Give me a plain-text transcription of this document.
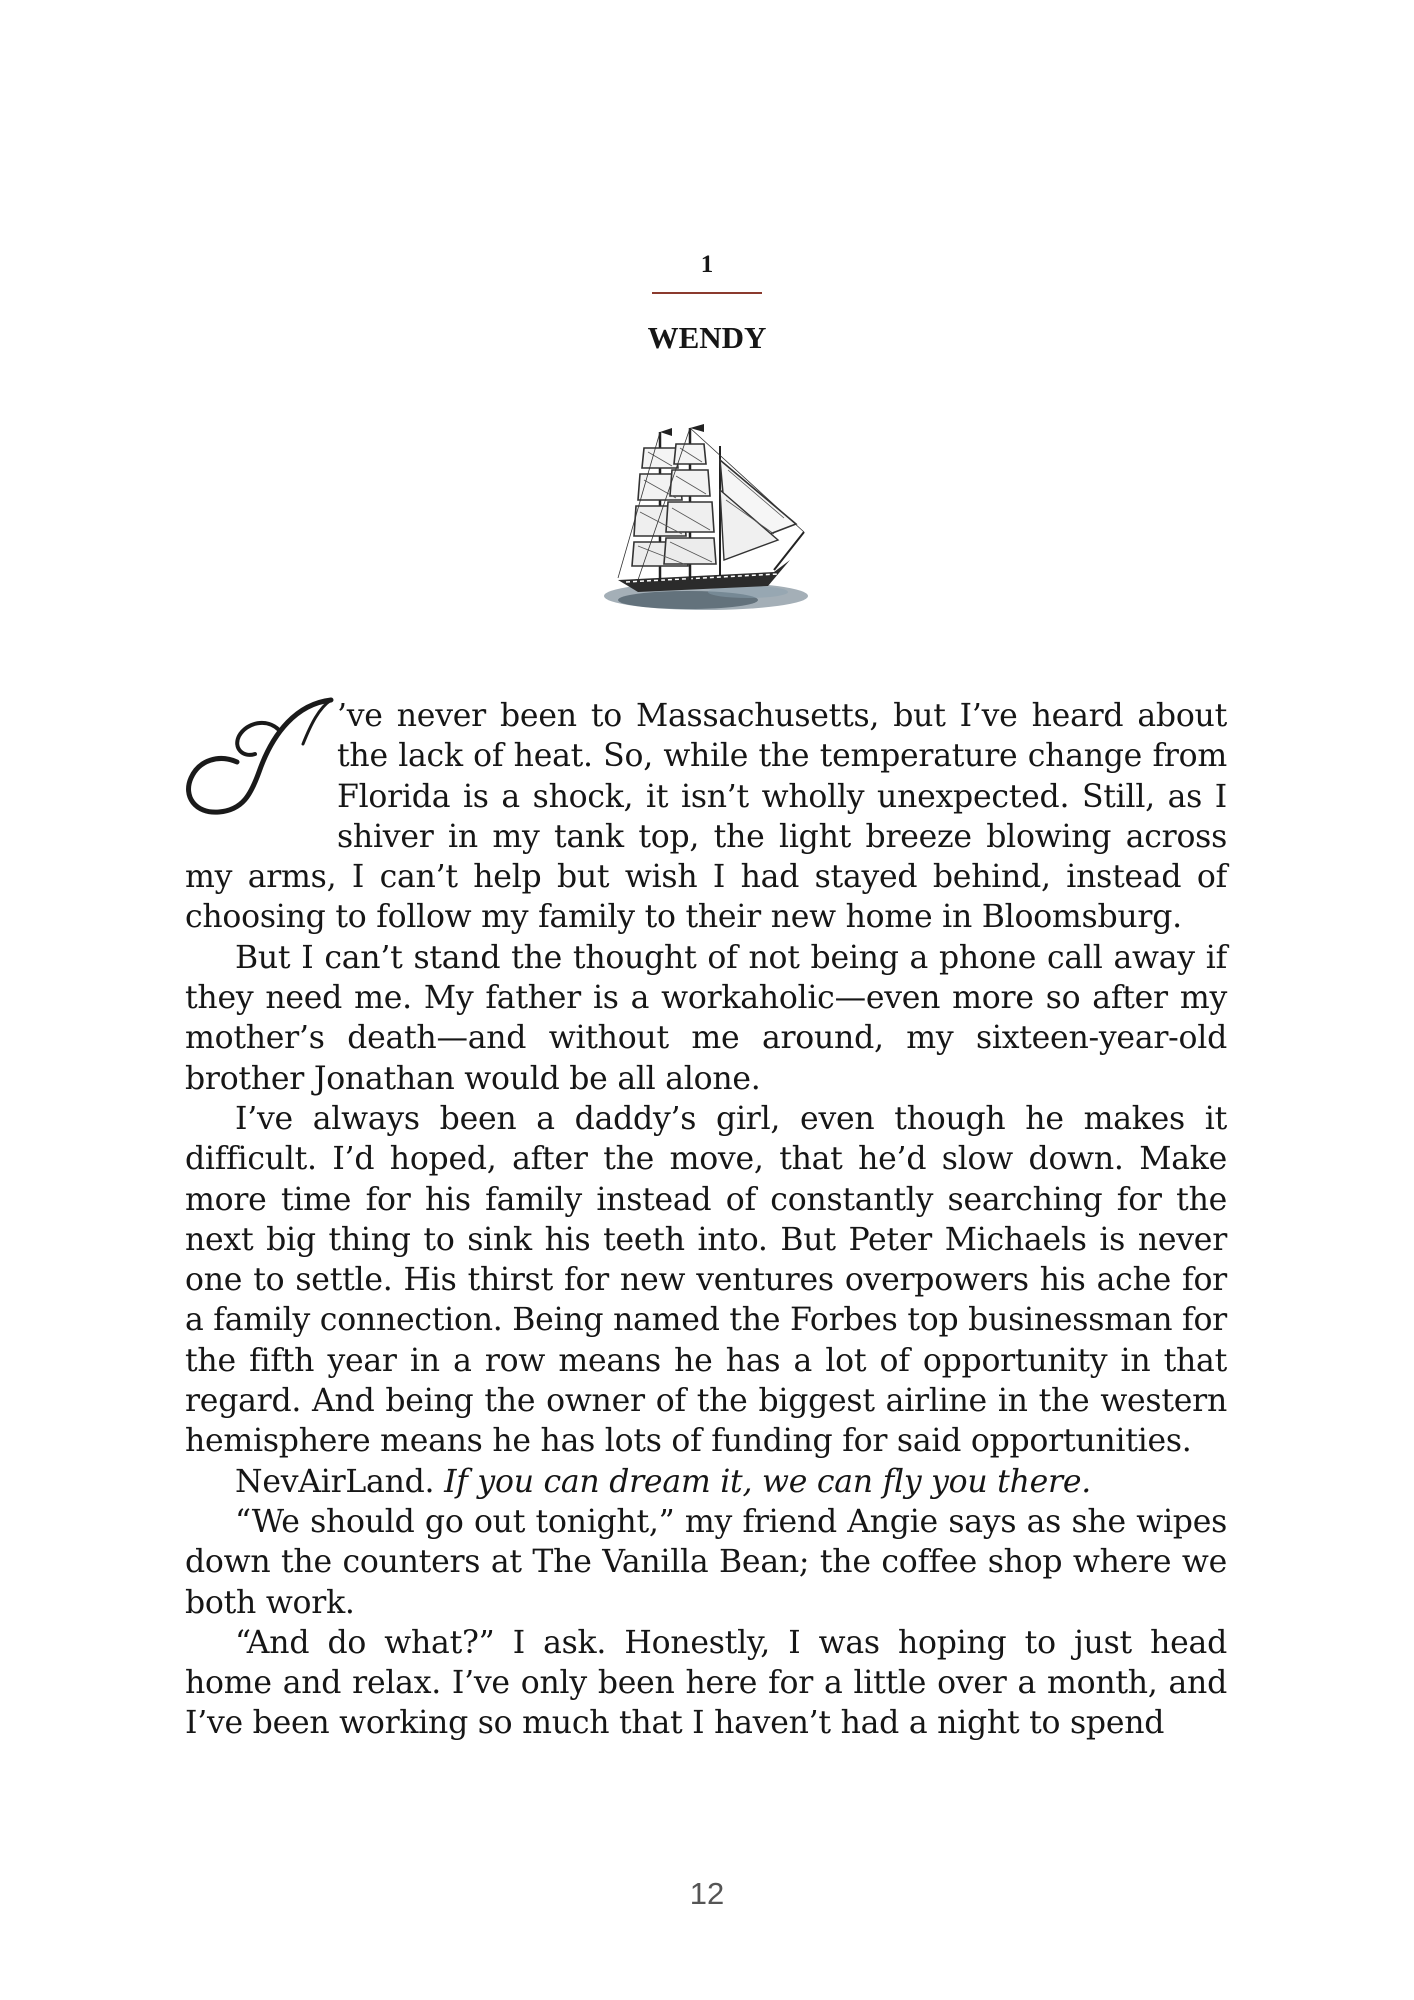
1
WENDY

I
’ve never been to Massachusetts, but I’ve heard about the lack of heat. So, while the temperature change from Florida is a shock, it isn’t wholly unexpected. Still, as I shiver in my tank top, the light breeze blowing across my arms, I can’t help but wish I had stayed behind, instead of choosing to follow my family to their new home in Bloomsburg.

But I can’t stand the thought of not being a phone call away if they need me. My father is a workaholic—even more so after my mother’s death—and without me around, my sixteen-year-old brother Jonathan would be all alone.

I’ve always been a daddy’s girl, even though he makes it difficult. I’d hoped, after the move, that he’d slow down. Make more time for his family instead of constantly searching for the next big thing to sink his teeth into. But Peter Michaels is never one to settle. His thirst for new ventures overpowers his ache for a family connection. Being named the Forbes top businessman for the fifth year in a row means he has a lot of opportunity in that regard. And being the owner of the biggest airline in the western hemisphere means he has lots of funding for said opportunities.

NevAirLand. If you can dream it, we can fly you there.

“We should go out tonight,” my friend Angie says as she wipes down the counters at The Vanilla Bean; the coffee shop where we both work.

“And do what?” I ask. Honestly, I was hoping to just head home and relax. I’ve only been here for a little over a month, and I’ve been working so much that I haven’t had a night to spend

12
